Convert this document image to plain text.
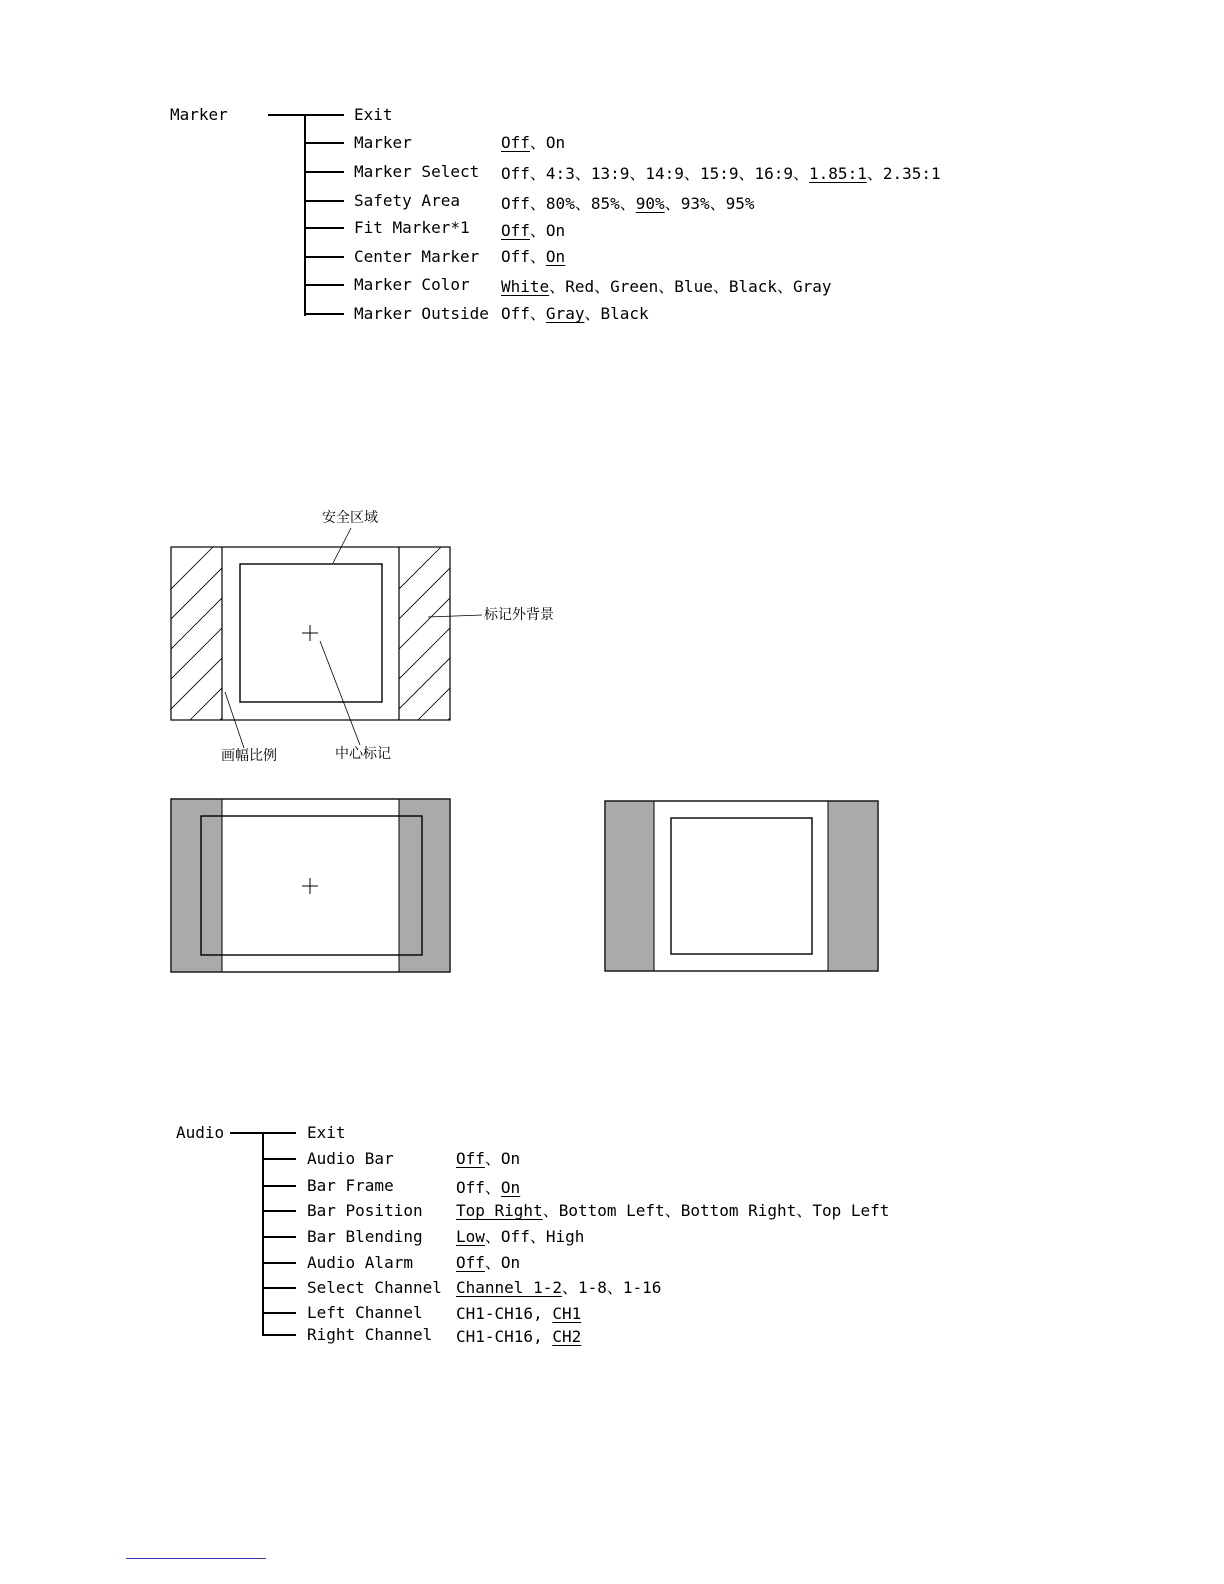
Marker	Exit
Marker	Off、On
Marker Select Off、4:3、13:9、14:9、15:9、16:9、1.85:1、2.35:1
Safety Area	Off、80%、85%、90%、93%、95%
Fit Marker*1 Off、On
Center Marker Off、On
Marker Color White、Red、Green、Blue、Black、Gray
Marker Outside Off、Gray、Black
安全区域
标记外背景
画幅比例	中心标记
Audio	Exit
Audio Bar	Off、On
Bar Frame	Off、On
Bar Position Top Right、Bottom Left、Bottom Right、Top Left
Bar Blending Low、Off、High
Audio Alarm	Off、On
Select Channel Channel 1-2、1-8、1-16
Left Channel CH1-CH16, CH1
Right Channel CH1-CH16, CH2
